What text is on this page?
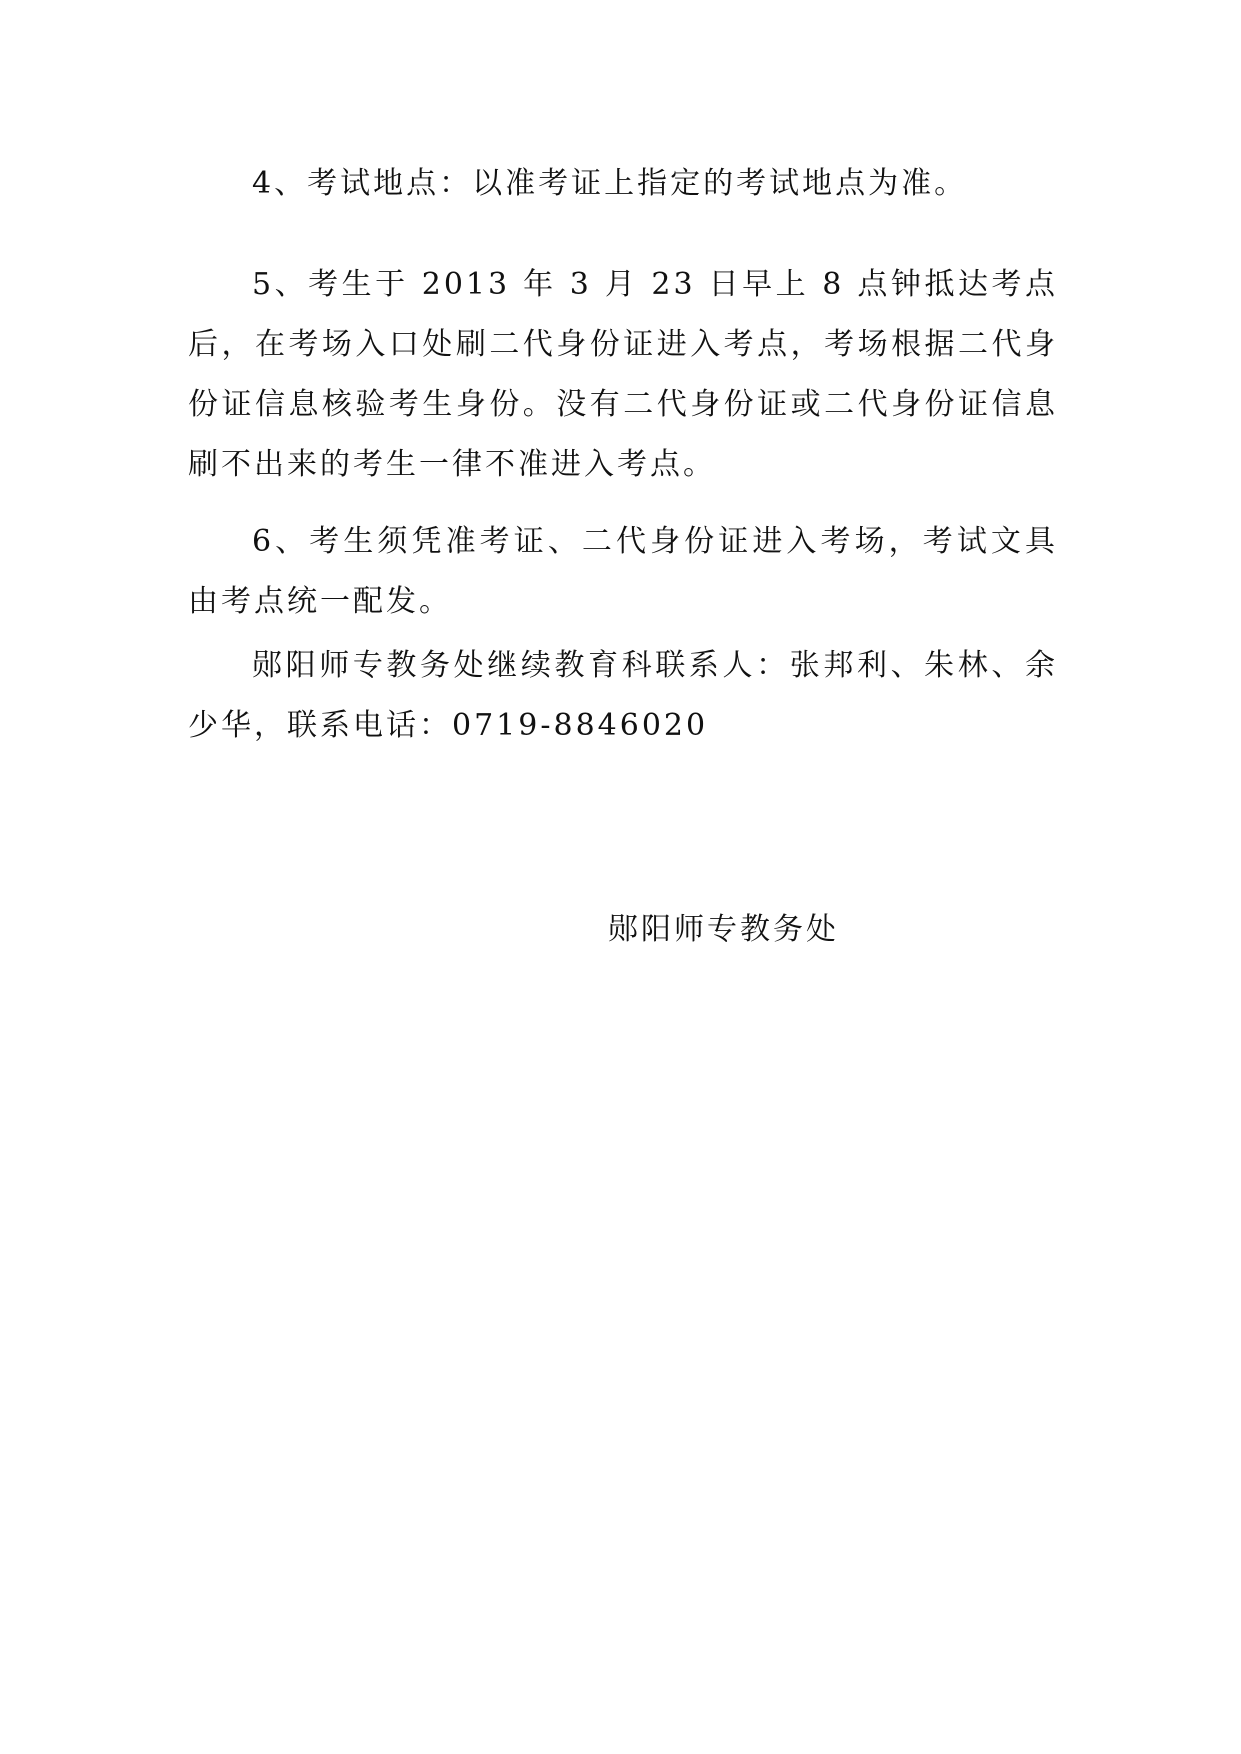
4、考试地点：以准考证上指定的考试地点为准。

5、考生于 2013 年 3 月 23 日早上 8 点钟抵达考点后，在考场入口处刷二代身份证进入考点，考场根据二代身份证信息核验考生身份。没有二代身份证或二代身份证信息刷不出来的考生一律不准进入考点。

6、考生须凭准考证、二代身份证进入考场，考试文具由考点统一配发。

郧阳师专教务处继续教育科联系人：张邦利、朱林、余少华，联系电话：0719-8846020

郧阳师专教务处
